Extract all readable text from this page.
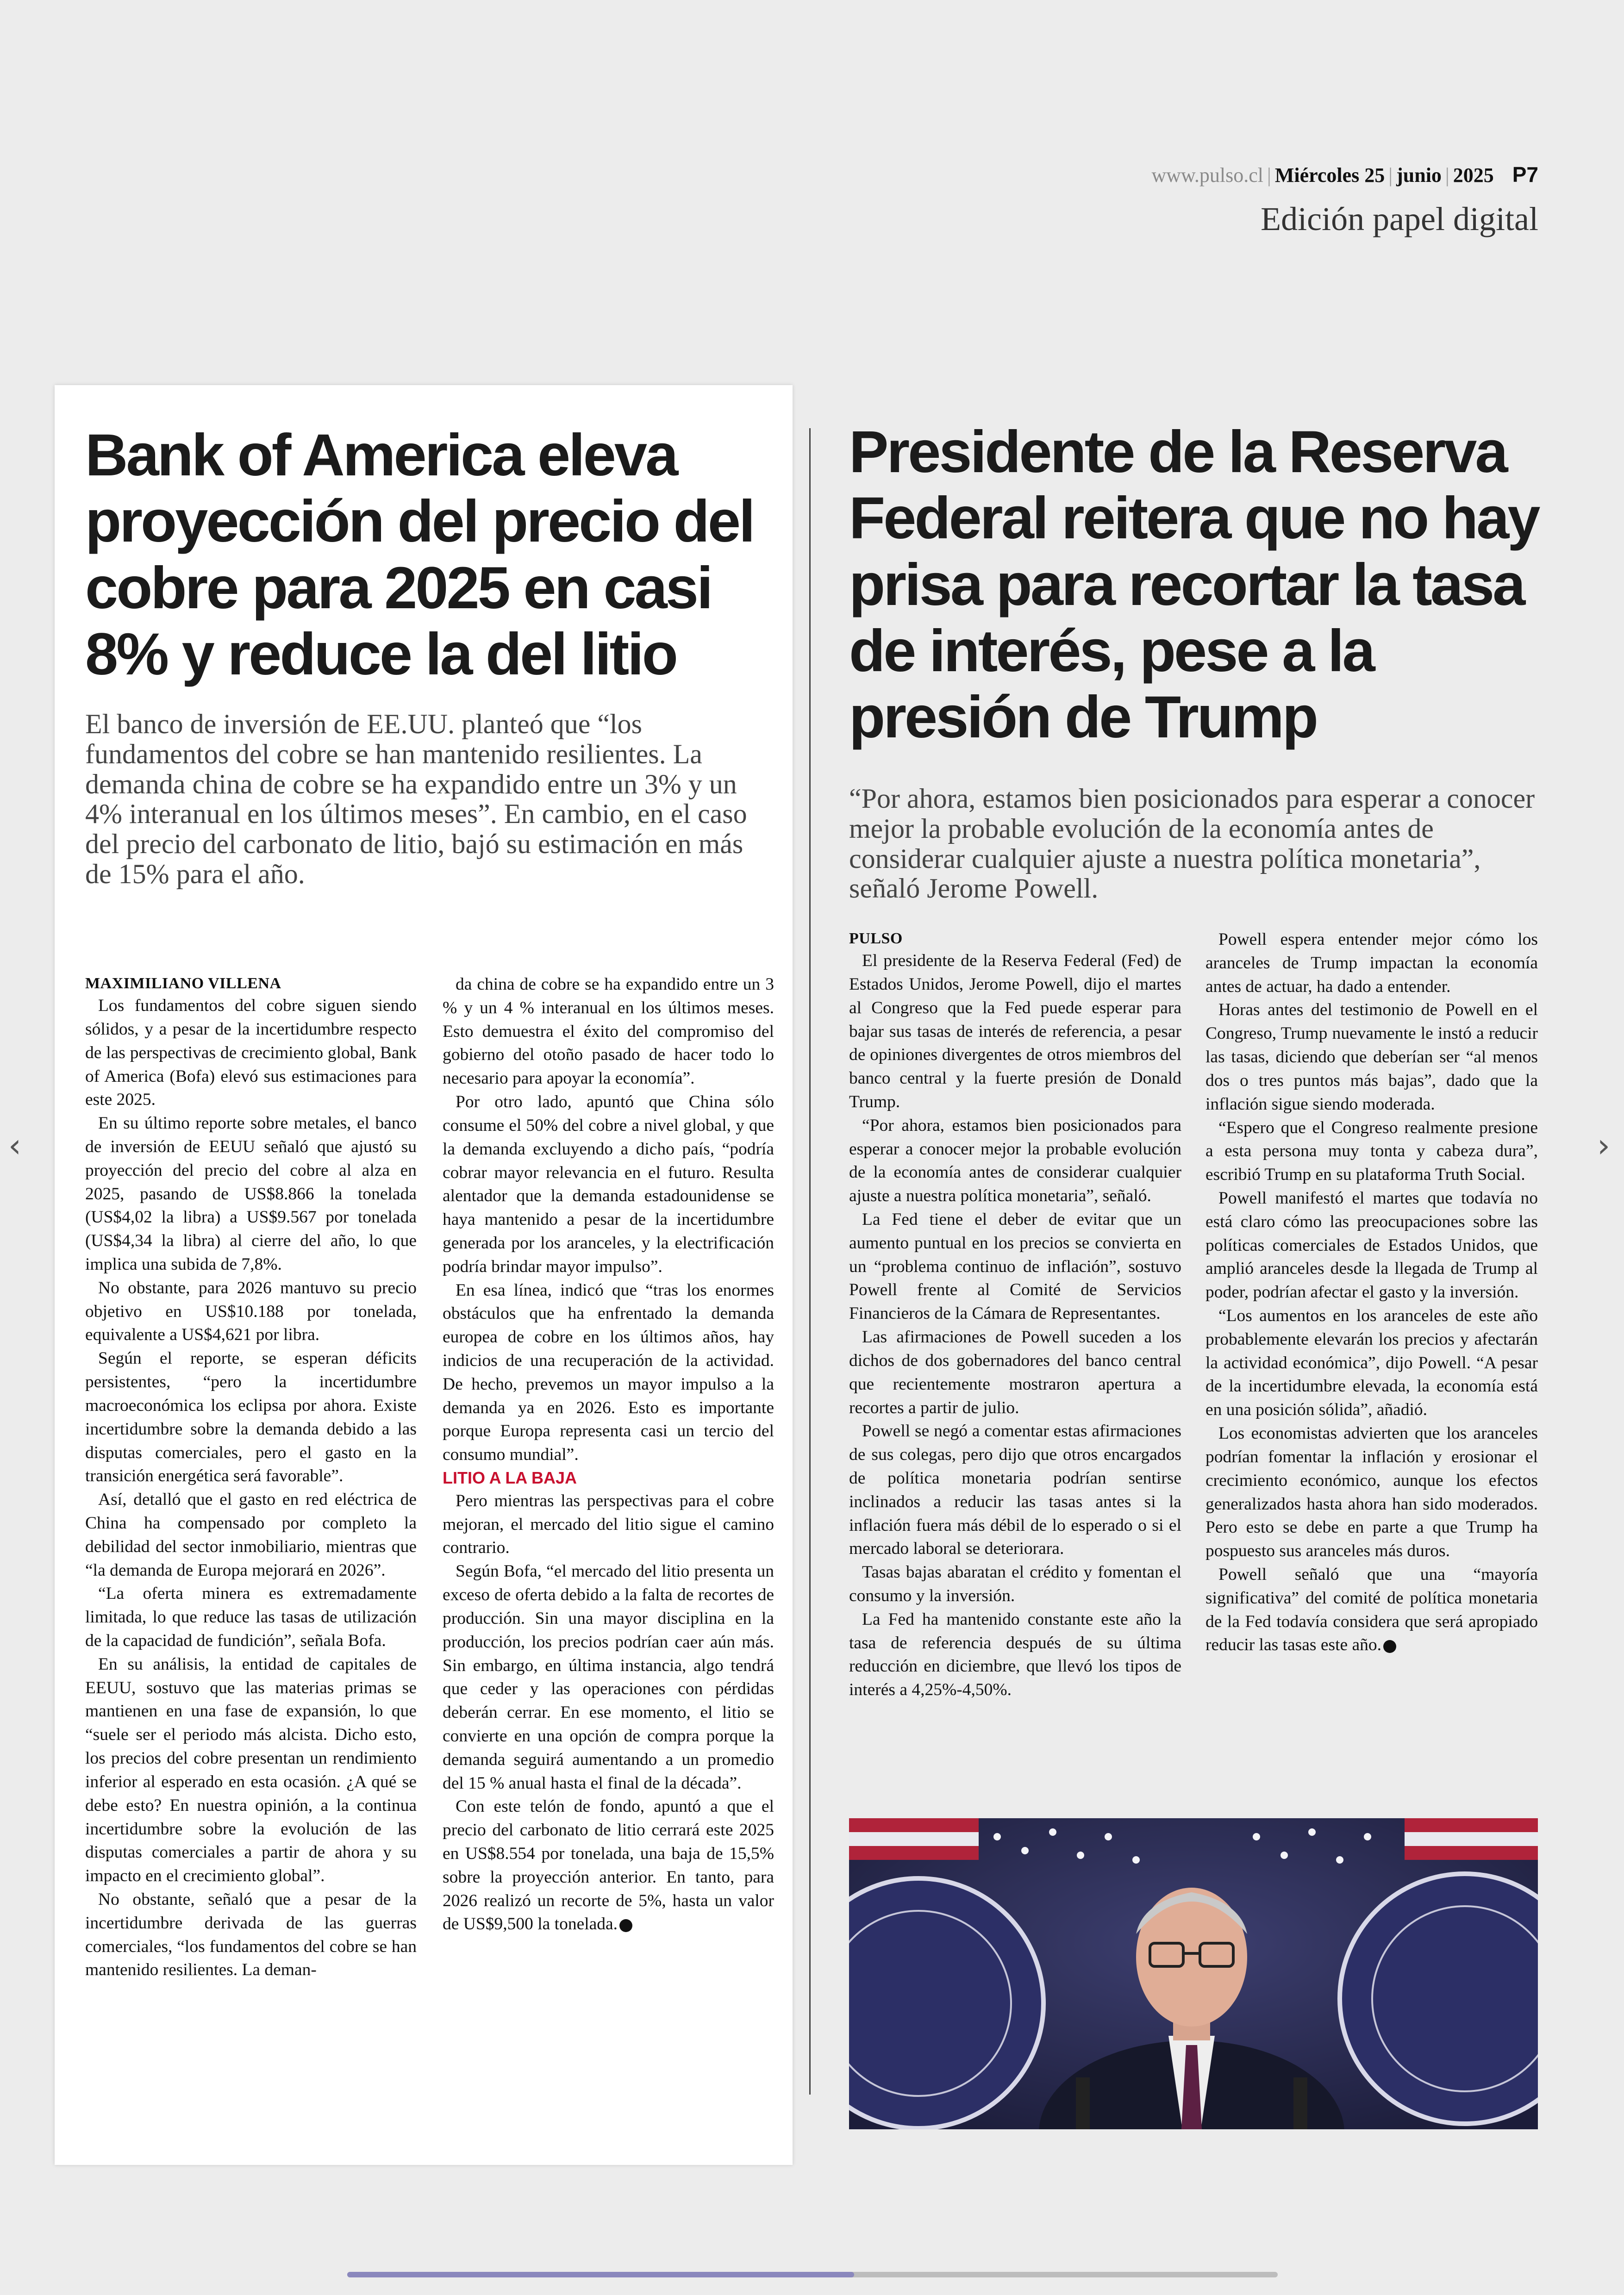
www.pulso.cl | Miércoles 25 | junio | 2025 P7
Edición papel digital
Bank of America eleva proyección del precio del cobre para 2025 en casi 8% y reduce la del litio
El banco de inversión de EE.UU. planteó que “los fundamentos del cobre se han mantenido resilientes. La demanda china de cobre se ha expandido entre un 3% y un 4% interanual en los últimos meses”. En cambio, en el caso del precio del carbonato de litio, bajó su estimación en más de 15% para el año.

MAXIMILIANO VILLENA

Los fundamentos del cobre siguen siendo sólidos, y a pesar de la incertidumbre respecto de las perspectivas de crecimiento global, Bank of America (Bofa) elevó sus estimaciones para este 2025.

En su último reporte sobre metales, el banco de inversión de EEUU señaló que ajustó su proyección del precio del cobre al alza en 2025, pasando de US$8.866 la tonelada (US$4,02 la libra) a US$9.567 por tonelada (US$4,34 la libra) al cierre del año, lo que implica una subida de 7,8%.

No obstante, para 2026 mantuvo su precio objetivo en US$10.188 por tonelada, equivalente a US$4,621 por libra.

Según el reporte, se esperan déficits persistentes, “pero la incertidumbre macroeconómica los eclipsa por ahora. Existe incertidumbre sobre la demanda debido a las disputas comerciales, pero el gasto en la transición energética será favorable”.

Así, detalló que el gasto en red eléctrica de China ha compensado por completo la debilidad del sector inmobiliario, mientras que “la demanda de Europa mejorará en 2026”.

“La oferta minera es extremadamente limitada, lo que reduce las tasas de utilización de la capacidad de fundición”, señala Bofa.

En su análisis, la entidad de capitales de EEUU, sostuvo que las materias primas se mantienen en una fase de expansión, lo que “suele ser el periodo más alcista. Dicho esto, los precios del cobre presentan un rendimiento inferior al esperado en esta ocasión. ¿A qué se debe esto? En nuestra opinión, a la continua incertidumbre sobre la evolución de las disputas comerciales a partir de ahora y su impacto en el crecimiento global”.

No obstante, señaló que a pesar de la incertidumbre derivada de las guerras comerciales, “los fundamentos del cobre se han mantenido resilientes. La deman-

da china de cobre se ha expandido entre un 3 % y un 4 % interanual en los últimos meses. Esto demuestra el éxito del compromiso del gobierno del otoño pasado de hacer todo lo necesario para apoyar la economía”.

Por otro lado, apuntó que China sólo consume el 50% del cobre a nivel global, y que la demanda excluyendo a dicho país, “podría cobrar mayor relevancia en el futuro. Resulta alentador que la demanda estadounidense se haya mantenido a pesar de la incertidumbre generada por los aranceles, y la electrificación podría brindar mayor impulso”.

En esa línea, indicó que “tras los enormes obstáculos que ha enfrentado la demanda europea de cobre en los últimos años, hay indicios de una recuperación de la actividad. De hecho, prevemos un mayor impulso a la demanda ya en 2026. Esto es importante porque Europa representa casi un tercio del consumo mundial”.

LITIO A LA BAJA

Pero mientras las perspectivas para el cobre mejoran, el mercado del litio sigue el camino contrario.

Según Bofa, “el mercado del litio presenta un exceso de oferta debido a la falta de recortes de producción. Sin una mayor disciplina en la producción, los precios podrían caer aún más. Sin embargo, en última instancia, algo tendrá que ceder y las operaciones con pérdidas deberán cerrar. En ese momento, el litio se convierte en una opción de compra porque la demanda seguirá aumentando a un promedio del 15 % anual hasta el final de la década”.

Con este telón de fondo, apuntó a que el precio del carbonato de litio cerrará este 2025 en US$8.554 por tonelada, una baja de 15,5% sobre la proyección anterior. En tanto, para 2026 realizó un recorte de 5%, hasta un valor de US$9,500 la tonelada.

Presidente de la Reserva Federal reitera que no hay prisa para recortar la tasa de interés, pese a la presión de Trump
“Por ahora, estamos bien posicionados para esperar a conocer mejor la probable evolución de la economía antes de considerar cualquier ajuste a nuestra política monetaria”, señaló Jerome Powell.

PULSO

El presidente de la Reserva Federal (Fed) de Estados Unidos, Jerome Powell, dijo el martes al Congreso que la Fed puede esperar para bajar sus tasas de interés de referencia, a pesar de opiniones divergentes de otros miembros del banco central y la fuerte presión de Donald Trump.

“Por ahora, estamos bien posicionados para esperar a conocer mejor la probable evolución de la economía antes de considerar cualquier ajuste a nuestra política monetaria”, señaló.

La Fed tiene el deber de evitar que un aumento puntual en los precios se convierta en un “problema continuo de inflación”, sostuvo Powell frente al Comité de Servicios Financieros de la Cámara de Representantes.

Las afirmaciones de Powell suceden a los dichos de dos gobernadores del banco central que recientemente mostraron apertura a recortes a partir de julio.

Powell se negó a comentar estas afirmaciones de sus colegas, pero dijo que otros encargados de política monetaria podrían sentirse inclinados a reducir las tasas antes si la inflación fuera más débil de lo esperado o si el mercado laboral se deteriorara.

Tasas bajas abaratan el crédito y fomentan el consumo y la inversión.

La Fed ha mantenido constante este año la tasa de referencia después de su última reducción en diciembre, que llevó los tipos de interés a 4,25%-4,50%.

Powell espera entender mejor cómo los aranceles de Trump impactan la economía antes de actuar, ha dado a entender.

Horas antes del testimonio de Powell en el Congreso, Trump nuevamente le instó a reducir las tasas, diciendo que deberían ser “al menos dos o tres puntos más bajas”, dado que la inflación sigue siendo moderada.

“Espero que el Congreso realmente presione a esta persona muy tonta y cabeza dura”, escribió Trump en su plataforma Truth Social.

Powell manifestó el martes que todavía no está claro cómo las preocupaciones sobre las políticas comerciales de Estados Unidos, que amplió aranceles desde la llegada de Trump al poder, podrían afectar el gasto y la inversión.

“Los aumentos en los aranceles de este año probablemente elevarán los precios y afectarán la actividad económica”, dijo Powell. “A pesar de la incertidumbre elevada, la economía está en una posición sólida”, añadió.

Los economistas advierten que los aranceles podrían fomentar la inflación y erosionar el crecimiento económico, aunque los efectos generalizados hasta ahora han sido moderados. Pero esto se debe en parte a que Trump ha pospuesto sus aranceles más duros.

Powell señaló que una “mayoría significativa” del comité de política monetaria de la Fed todavía considera que será apropiado reducir las tasas este año.

‹	›
